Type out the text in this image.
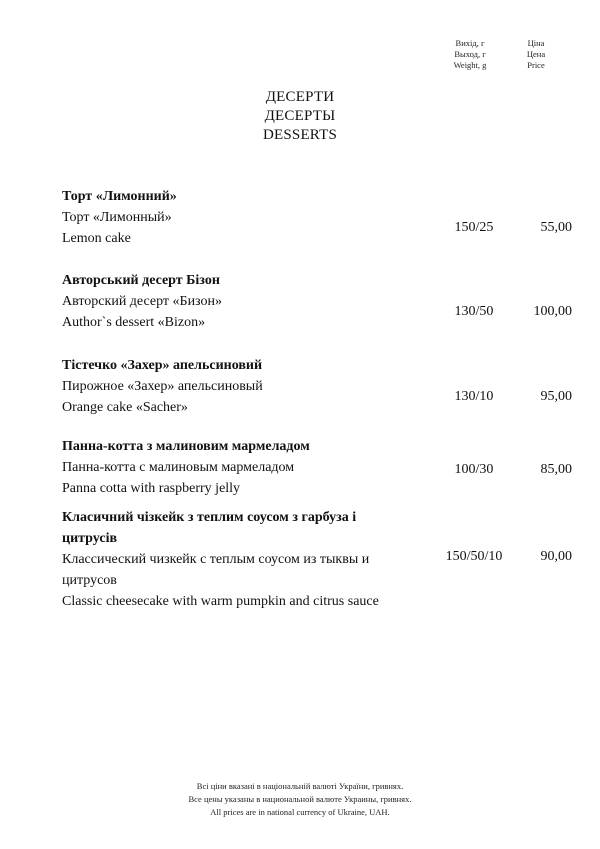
Вихід, г
Выход, г
Weight, g
Ціна
Цена
Price
ДЕСЕРТИ
ДЕСЕРТЫ
DESSERTS
Торт «Лимонний»
Торт «Лимонный»
Lemon cake
150/25	55,00
Авторський десерт Бізон
Авторский десерт «Бизон»
Author`s dessert «Bizon»
130/50	100,00
Тістечко «Захер» апельсиновий
Пирожное «Захер» апельсиновый
Orange cake «Sacher»
130/10	95,00
Панна-котта з малиновим мармеладом
Панна-котта с малиновым мармеладом
Panna cotta with raspberry jelly
100/30	85,00
Класичний чізкейк з теплим соусом з гарбуза і цитрусів
Классический чизкейк с теплым соусом из тыквы и цитрусов
Classic cheesecake with warm pumpkin and citrus sauce
150/50/10	90,00
Всі ціни вказані в національній валюті України, гривнях.
Все цены указаны в национальной валюте Украины, гривнях.
All prices are in national currency of Ukraine, UAH.
